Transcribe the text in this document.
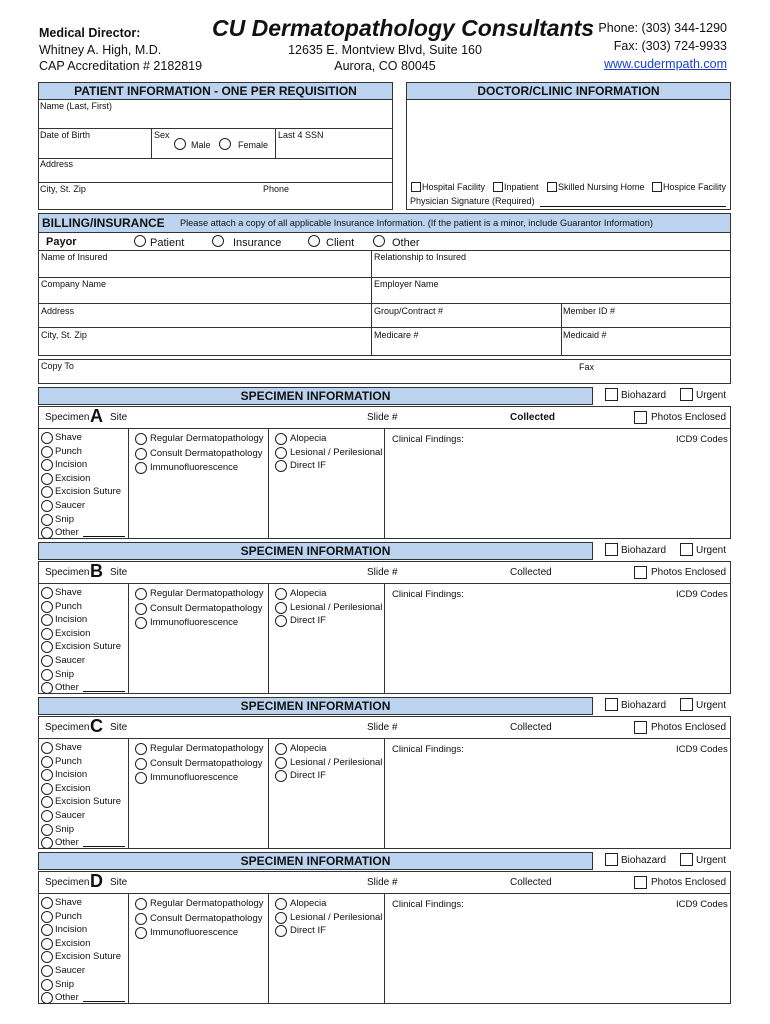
Medical Director:
Whitney A. High, M.D.
CAP Accreditation # 2182819
CU Dermatopathology Consultants
12635 E. Montview Blvd, Suite 160
Aurora, CO 80045
Phone: (303) 344-1290
Fax: (303) 724-9933
www.cudermpath.com
PATIENT INFORMATION - ONE PER REQUISITION
Name (Last, First)
Date of Birth	Sex
Male	Female
Last 4 SSN
Address
City, St. Zip	Phone
DOCTOR/CLINIC INFORMATION
Hospital Facility Inpatient Skilled Nursing Home Hospice Facility
Physician Signature (Required)
BILLING/INSURANCE Please attach a copy of all applicable Insurance Information. (If the patient is a minor, include Guarantor Information)
Payor	Patient	Insurance	Client	Other
Name of Insured	Relationship to Insured
Company Name	Employer Name
Address	Group/Contract #	Member ID #
City, St. Zip	Medicare #	Medicaid #
Copy To	Fax
SPECIMEN INFORMATION	Biohazard	Urgent
Specimen A Site	Slide #	Collected	Photos Enclosed
Shave
Punch
Incision
Excision
Excision Suture
Saucer
Snip
Other
Regular Dermatopathology
Consult Dermatopathology
Immunofluorescence
Alopecia
Lesional / Perilesional
Direct IF
Clinical Findings:	ICD9 Codes
SPECIMEN INFORMATION	Biohazard	Urgent
Specimen B Site	Slide #	Collected	Photos Enclosed
Shave
Punch
Incision
Excision
Excision Suture
Saucer
Snip
Other
Regular Dermatopathology
Consult Dermatopathology
Immunofluorescence
Alopecia
Lesional / Perilesional
Direct IF
Clinical Findings:	ICD9 Codes
SPECIMEN INFORMATION	Biohazard	Urgent
Specimen C Site	Slide #	Collected	Photos Enclosed
Shave
Punch
Incision
Excision
Excision Suture
Saucer
Snip
Other
Regular Dermatopathology
Consult Dermatopathology
Immunofluorescence
Alopecia
Lesional / Perilesional
Direct IF
Clinical Findings:	ICD9 Codes
SPECIMEN INFORMATION	Biohazard	Urgent
Specimen D Site	Slide #	Collected	Photos Enclosed
Shave
Punch
Incision
Excision
Excision Suture
Saucer
Snip
Other
Regular Dermatopathology
Consult Dermatopathology
Immunofluorescence
Alopecia
Lesional / Perilesional
Direct IF
Clinical Findings:	ICD9 Codes
